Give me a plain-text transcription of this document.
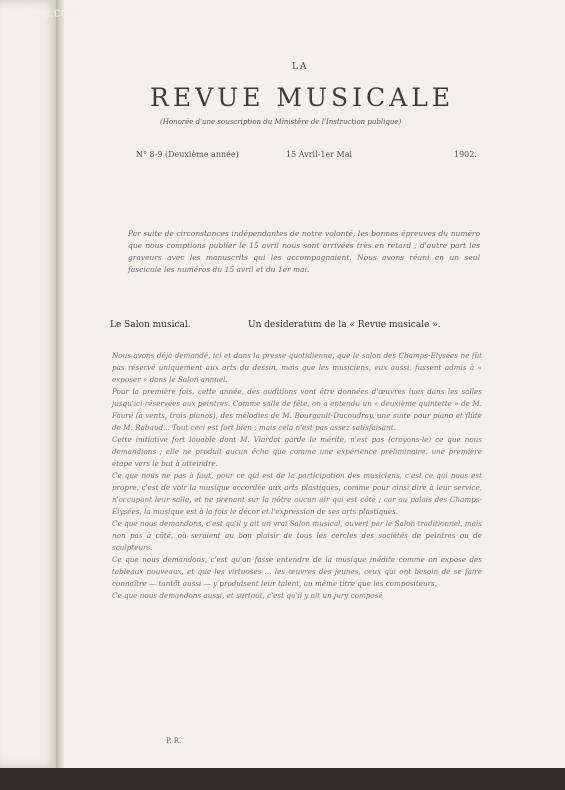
Le-livre.com
LA
REVUE MUSICALE
(Honorée d'une souscription du Ministère de l'Instruction publique)
N° 8-9 (Deuxième année)	15 Avril-1er Mai	1902.
Par suite de circonstances indépendantes de notre volonté, les bonnes épreuves du numéro que nous comptions publier le 15 avril nous sont arrivées très en retard ; d'autre part les graveurs avec les manuscrits qui les accompagnaient. Nous avons réuni en un seul fascicule les numéros du 15 avril et du 1er mai.
Le Salon musical.	Un desideratum de la « Revue musicale ».

Nous avons déjà demandé, ici et dans la presse quotidienne, que le salon des Champs-Elysées ne fût pas réservé uniquement aux arts du dessin, mais que les musiciens, eux aussi, fussent admis à « exposer » dans le Salon annuel.

Pour la première fois, cette année, des auditions vont être données d'œuvres lues dans les salles jusqu'ici réservées aux peintres. Comme salle de fête, on a entendu un « deuxième quintette » de M. Fauré (à vents, trois pianos), des mélodies de M. Bourgault-Ducoudray, une suite pour piano et flûte de M. Rabaud... Tout ceci est fort bien ; mais cela n'est pas assez satisfaisant.

Cette initiative fort louable dont M. Viardot garde le mérite, n'est pas (croyons-le) ce que nous demandions ; elle ne produit aucun écho que comme une expérience préliminaire, une première étape vers le but à atteindre.

Ce que nous ne pas à faut, pour ce qui est de la participation des musiciens, c'est ce qui nous est propre, c'est de voir la musique accordée aux arts plastiques, comme pour ainsi dire à leur service, n'occupant leur salle, et ne prenant sur la nôtre aucun air qui est côté ; car au palais des Champs-Elysées, la musique est à la fois le décor et l'expression de ses arts plastiques.

Ce que nous demandons, c'est qu'il y ait un vrai Salon musical, ouvert par le Salon traditionnel, mais non pas à côté, où seraient au bon plaisir de tous les cercles des sociétés de peintres ou de sculpteurs.

Ce que nous demandons, c'est qu'on fasse entendre de la musique inédite comme on expose des tableaux nouveaux, et que les virtuoses ... les œuvres des jeunes, ceux qui ont besoin de se faire connaître — tantôt aussi — y produisent leur talent, au même titre que les compositeurs.

Ce que nous demandons aussi, et surtout, c'est qu'il y ait un jury composé

P. R.
